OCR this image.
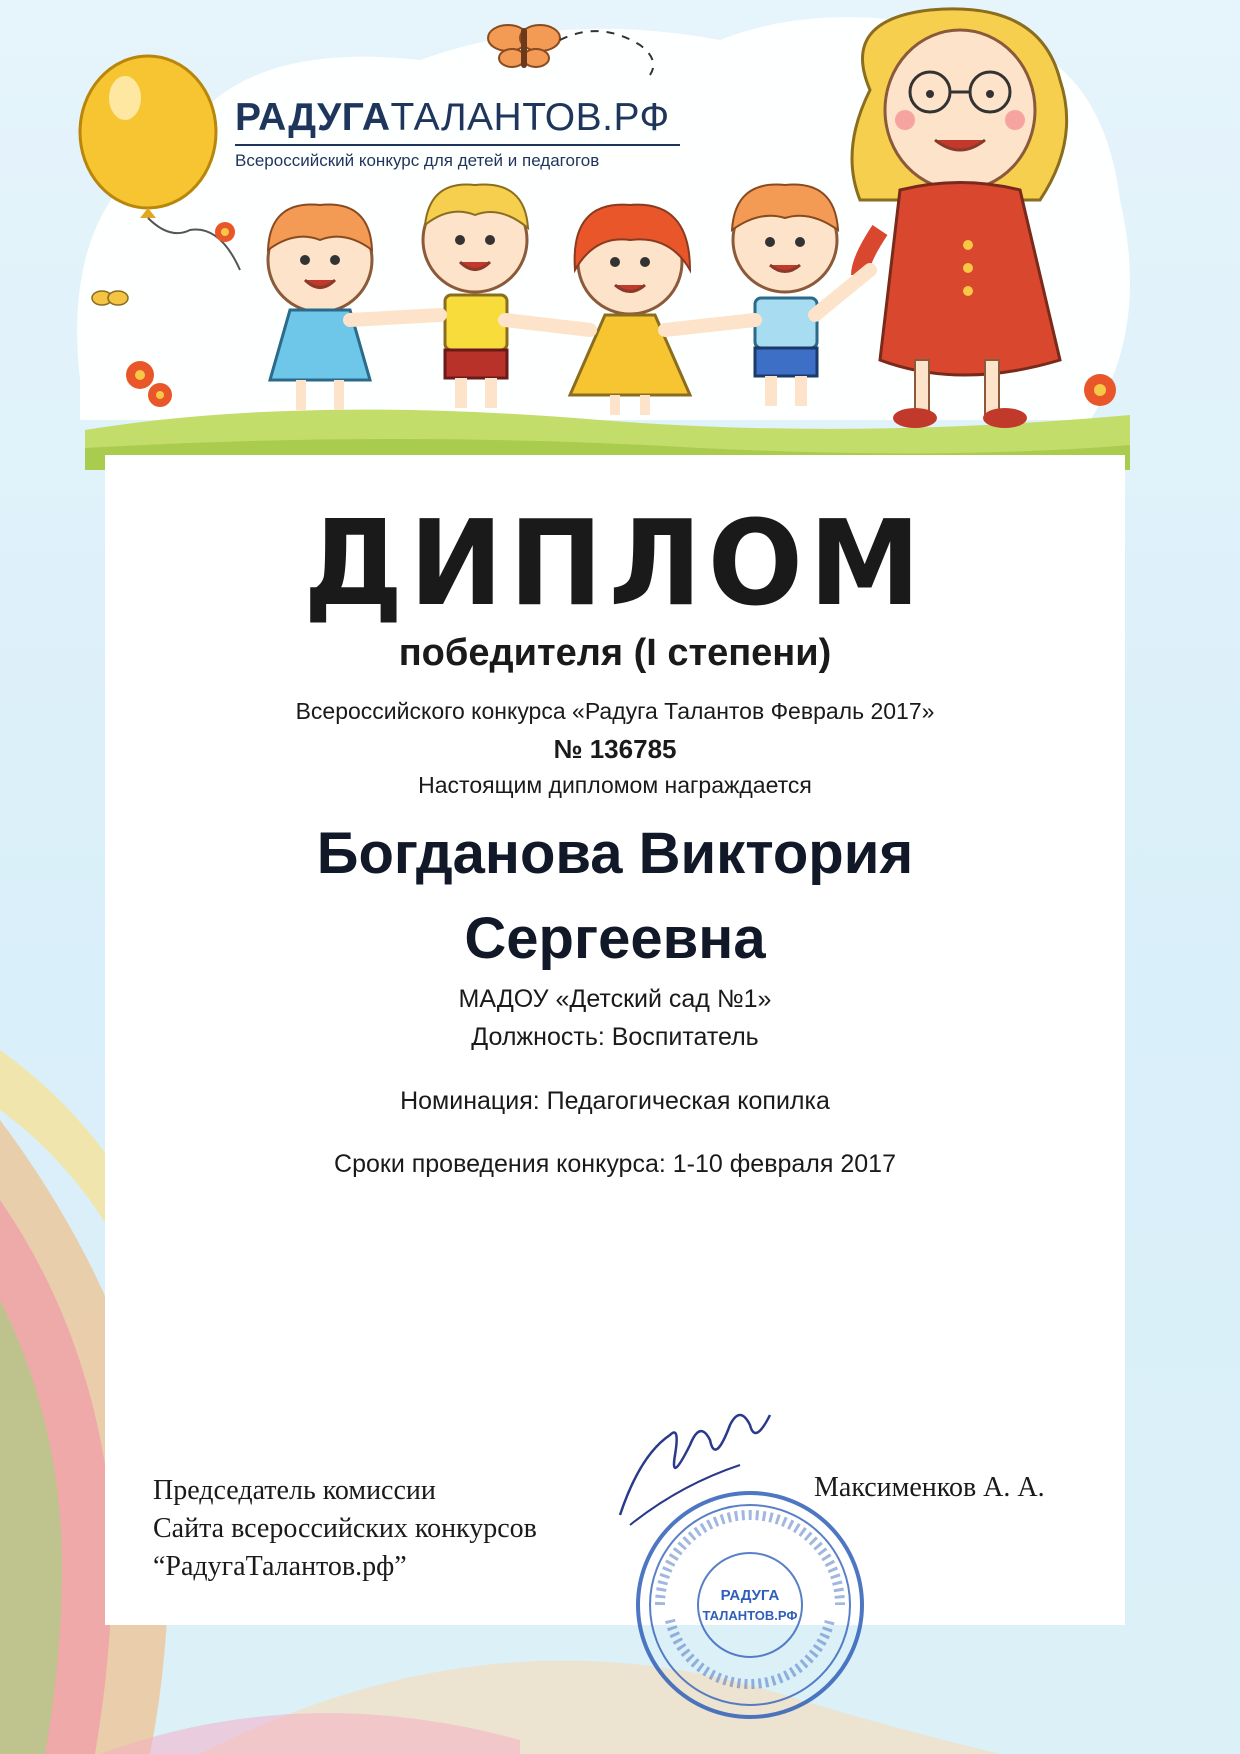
РАДУГАТАЛАНТОВ.РФ
Всероссийский конкурс для детей и педагогов
ДИПЛОМ
победителя (I степени)
Всероссийского конкурса «Радуга Талантов Февраль 2017»
№ 136785
Настоящим дипломом награждается
Богданова Виктория
Сергеевна
МАДОУ «Детский сад №1»
Должность: Воспитатель
Номинация: Педагогическая копилка
Сроки проведения конкурса: 1-10 февраля 2017
Председатель комиссии
Сайта всероссийских конкурсов
“РадугаТалантов.рф”
Максименков А. А.
РАДУГА
ТАЛАНТОВ.РФ
